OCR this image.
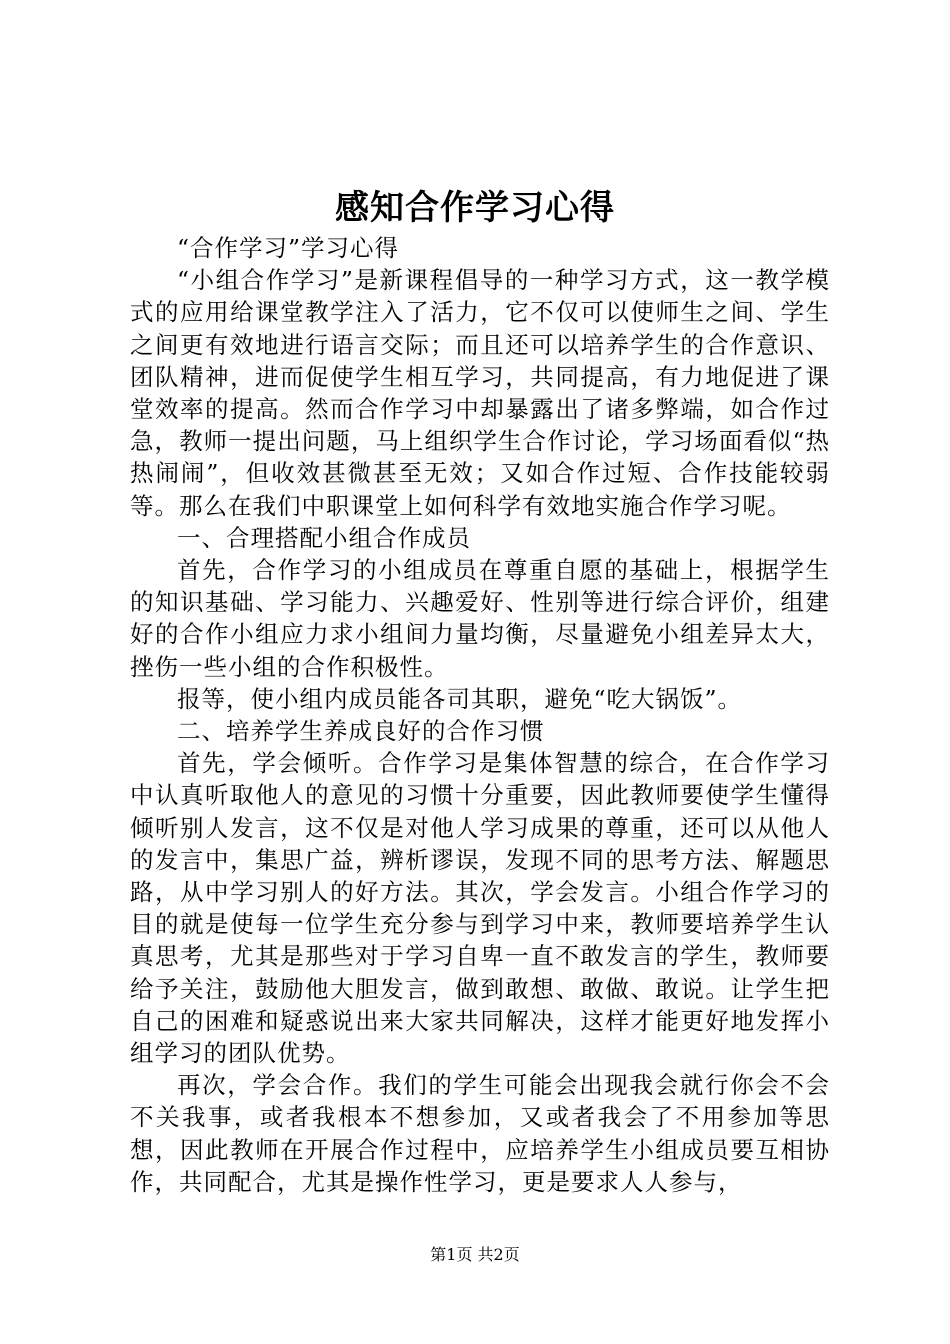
感知合作学习心得

“合作学习”学习心得

“小组合作学习”是新课程倡导的一种学习方式，这一教学模式的应用给课堂教学注入了活力，它不仅可以使师生之间、学生之间更有效地进行语言交际；而且还可以培养学生的合作意识、团队精神，进而促使学生相互学习，共同提高，有力地促进了课堂效率的提高。然而合作学习中却暴露出了诸多弊端，如合作过急，教师一提出问题，马上组织学生合作讨论，学习场面看似“热热闹闹”，但收效甚微甚至无效；又如合作过短、合作技能较弱等。那么在我们中职课堂上如何科学有效地实施合作学习呢。

一、合理搭配小组合作成员

首先，合作学习的小组成员在尊重自愿的基础上，根据学生的知识基础、学习能力、兴趣爱好、性别等进行综合评价，组建好的合作小组应力求小组间力量均衡，尽量避免小组差异太大，挫伤一些小组的合作积极性。

报等，使小组内成员能各司其职，避免“吃大锅饭”。

二、培养学生养成良好的合作习惯

首先，学会倾听。合作学习是集体智慧的综合，在合作学习中认真听取他人的意见的习惯十分重要，因此教师要使学生懂得倾听别人发言，这不仅是对他人学习成果的尊重，还可以从他人的发言中，集思广益，辨析谬误，发现不同的思考方法、解题思路，从中学习别人的好方法。其次，学会发言。小组合作学习的目的就是使每一位学生充分参与到学习中来，教师要培养学生认真思考，尤其是那些对于学习自卑一直不敢发言的学生，教师要给予关注，鼓励他大胆发言，做到敢想、敢做、敢说。让学生把自己的困难和疑惑说出来大家共同解决，这样才能更好地发挥小组学习的团队优势。

再次，学会合作。我们的学生可能会出现我会就行你会不会不关我事，或者我根本不想参加，又或者我会了不用参加等思想，因此教师在开展合作过程中，应培养学生小组成员要互相协作，共同配合，尤其是操作性学习，更是要求人人参与，

第1页 共2页
